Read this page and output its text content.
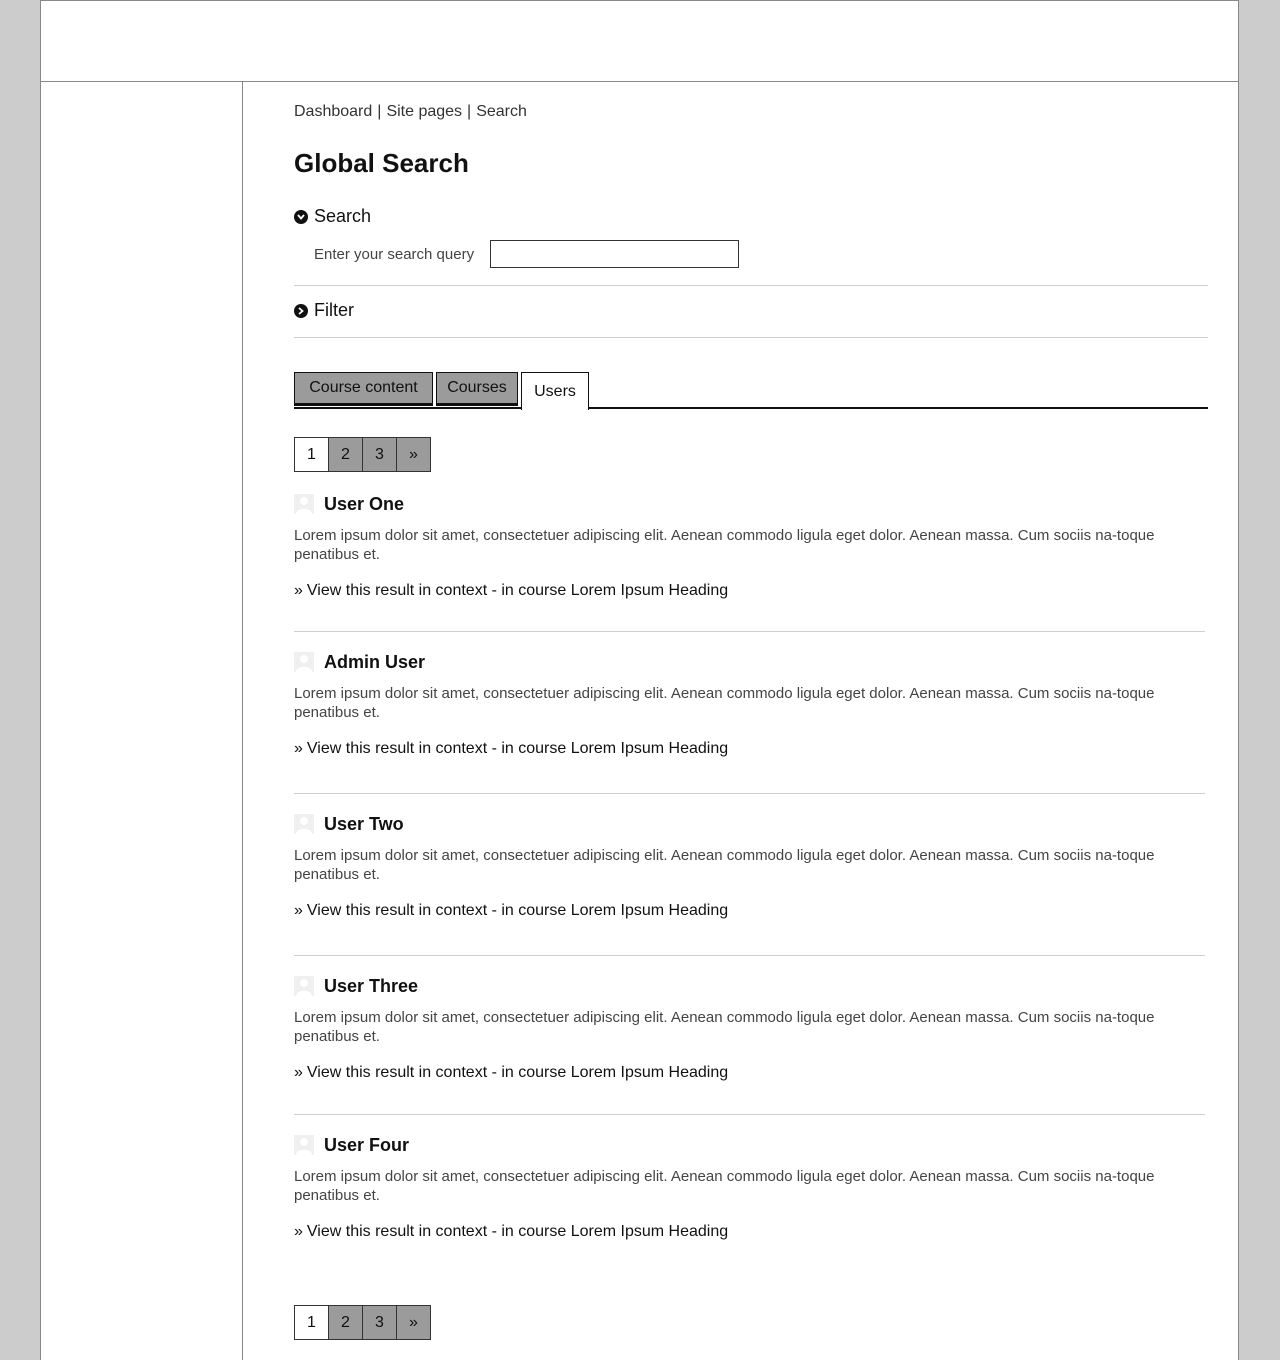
Dashboard | Site pages | Search
Global Search
Search
Enter your search query
Filter
Course content	Courses	Users
1	2	3	»
User One
Lorem ipsum dolor sit amet, consectetuer adipiscing elit. Aenean commodo ligula eget dolor. Aenean massa. Cum sociis na-toque penatibus et.
» View this result in context - in course Lorem Ipsum Heading
Admin User
Lorem ipsum dolor sit amet, consectetuer adipiscing elit. Aenean commodo ligula eget dolor. Aenean massa. Cum sociis na-toque penatibus et.
» View this result in context - in course Lorem Ipsum Heading
User Two
Lorem ipsum dolor sit amet, consectetuer adipiscing elit. Aenean commodo ligula eget dolor. Aenean massa. Cum sociis na-toque penatibus et.
» View this result in context - in course Lorem Ipsum Heading
User Three
Lorem ipsum dolor sit amet, consectetuer adipiscing elit. Aenean commodo ligula eget dolor. Aenean massa. Cum sociis na-toque penatibus et.
» View this result in context - in course Lorem Ipsum Heading
User Four
Lorem ipsum dolor sit amet, consectetuer adipiscing elit. Aenean commodo ligula eget dolor. Aenean massa. Cum sociis na-toque penatibus et.
» View this result in context - in course Lorem Ipsum Heading
1	2	3	»
